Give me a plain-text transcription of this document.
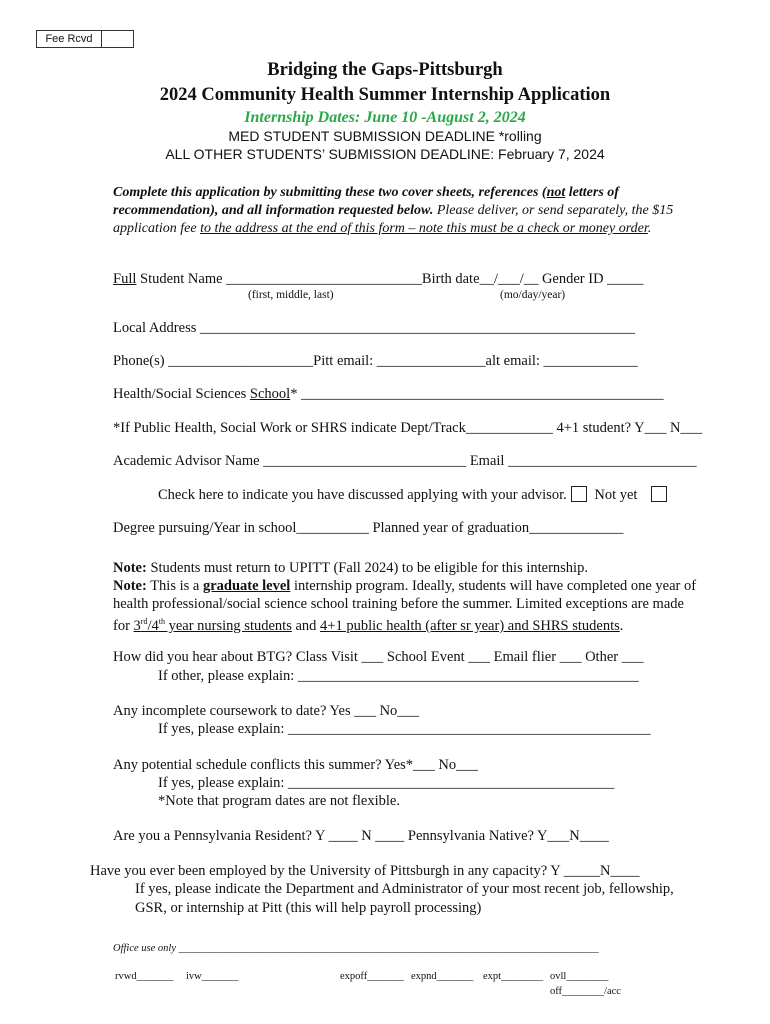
Fee Rcvd
Bridging the Gaps-Pittsburgh
2024 Community Health Summer Internship Application
Internship Dates: June 10 -August 2, 2024
MED STUDENT SUBMISSION DEADLINE *rolling
ALL OTHER STUDENTS’ SUBMISSION DEADLINE: February 7, 2024
Complete this application by submitting these two cover sheets, references (not letters of recommendation), and all information requested below. Please deliver, or send separately, the $15 application fee to the address at the end of this form – note this must be a check or money order.
Full Student Name ___________________________Birth date__/___/__ Gender ID _____
(first, middle, last)	(mo/day/year)
Local Address ____________________________________________________________
Phone(s) ____________________Pitt email: _______________alt email: _____________
Health/Social Sciences School* __________________________________________________
*If Public Health, Social Work or SHRS indicate Dept/Track____________ 4+1 student? Y___ N___
Academic Advisor Name ____________________________ Email __________________________
Check here to indicate you have discussed applying with your advisor. Not yet
Degree pursuing/Year in school__________ Planned year of graduation_____________
Note: Students must return to UPITT (Fall 2024) to be eligible for this internship.
Note: This is a graduate level internship program. Ideally, students will have completed one year of health professional/social science school training before the summer. Limited exceptions are made for 3rd/4th year nursing students and 4+1 public health (after sr year) and SHRS students.
How did you hear about BTG? Class Visit ___ School Event ___ Email flier ___ Other ___
If other, please explain: _______________________________________________
Any incomplete coursework to date? Yes ___ No___
If yes, please explain: __________________________________________________
Any potential schedule conflicts this summer? Yes*___ No___
If yes, please explain: _____________________________________________
*Note that program dates are not flexible.
Are you a Pennsylvania Resident? Y ____ N ____ Pennsylvania Native? Y___N____
Have you ever been employed by the University of Pittsburgh in any capacity? Y _____N____
If yes, please indicate the Department and Administrator of your most recent job, fellowship,
GSR, or internship at Pitt (this will help payroll processing)
Office use only ________________________________________________________________________________
rvwd_______ ivw_______	expoff_______ expnd_______ expt________ ovll________
off________/acc
